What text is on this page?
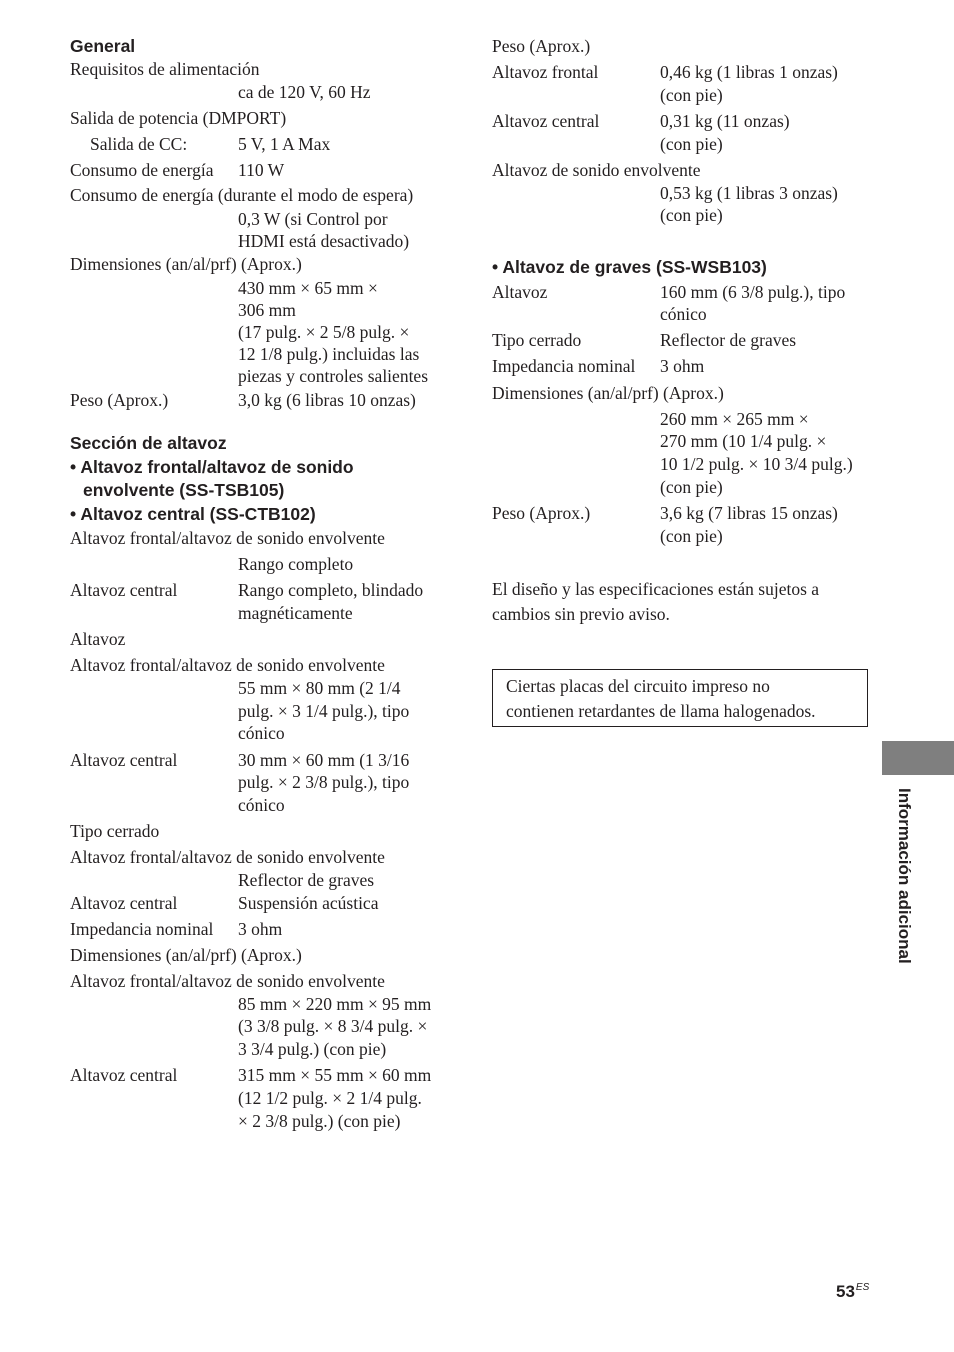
General
Requisitos de alimentación
ca de 120 V, 60 Hz
Salida de potencia (DMPORT)
Salida de CC:	5 V, 1 A Max
Consumo de energía 110 W
Consumo de energía (durante el modo de espera)
0,3 W (si Control por
HDMI está desactivado)
Dimensiones (an/al/prf) (Aprox.)
430 mm × 65 mm ×
306 mm
(17 pulg. × 2 5/8 pulg. ×
12 1/8 pulg.) incluidas las
piezas y controles salientes
Peso (Aprox.)	3,0 kg (6 libras 10 onzas)
Sección de altavoz
• Altavoz frontal/altavoz de sonido
envolvente (SS-TSB105)
• Altavoz central (SS-CTB102)
Altavoz frontal/altavoz de sonido envolvente
Rango completo
Altavoz central	Rango completo, blindado
magnéticamente
Altavoz
Altavoz frontal/altavoz de sonido envolvente
55 mm × 80 mm (2 1/4
pulg. × 3 1/4 pulg.), tipo
cónico
Altavoz central	30 mm × 60 mm (1 3/16
pulg. × 2 3/8 pulg.), tipo
cónico
Tipo cerrado
Altavoz frontal/altavoz de sonido envolvente
Reflector de graves
Altavoz central	Suspensión acústica
Impedancia nominal 3 ohm
Dimensiones (an/al/prf) (Aprox.)
Altavoz frontal/altavoz de sonido envolvente
85 mm × 220 mm × 95 mm
(3 3/8 pulg. × 8 3/4 pulg. ×
3 3/4 pulg.) (con pie)
Altavoz central	315 mm × 55 mm × 60 mm
(12 1/2 pulg. × 2 1/4 pulg.
× 2 3/8 pulg.) (con pie)
Peso (Aprox.)
Altavoz frontal	0,46 kg (1 libras 1 onzas)
(con pie)
Altavoz central	0,31 kg (11 onzas)
(con pie)
Altavoz de sonido envolvente
0,53 kg (1 libras 3 onzas)
(con pie)
• Altavoz de graves (SS-WSB103)
Altavoz	160 mm (6 3/8 pulg.), tipo
cónico
Tipo cerrado	Reflector de graves
Impedancia nominal 3 ohm
Dimensiones (an/al/prf) (Aprox.)
260 mm × 265 mm ×
270 mm (10 1/4 pulg. ×
10 1/2 pulg. × 10 3/4 pulg.)
(con pie)
Peso (Aprox.)	3,6 kg (7 libras 15 onzas)
(con pie)
El diseño y las especificaciones están sujetos a
cambios sin previo aviso.
Ciertas placas del circuito impreso no
contienen retardantes de llama halogenados.
Información adicional
$53^{ES}$
